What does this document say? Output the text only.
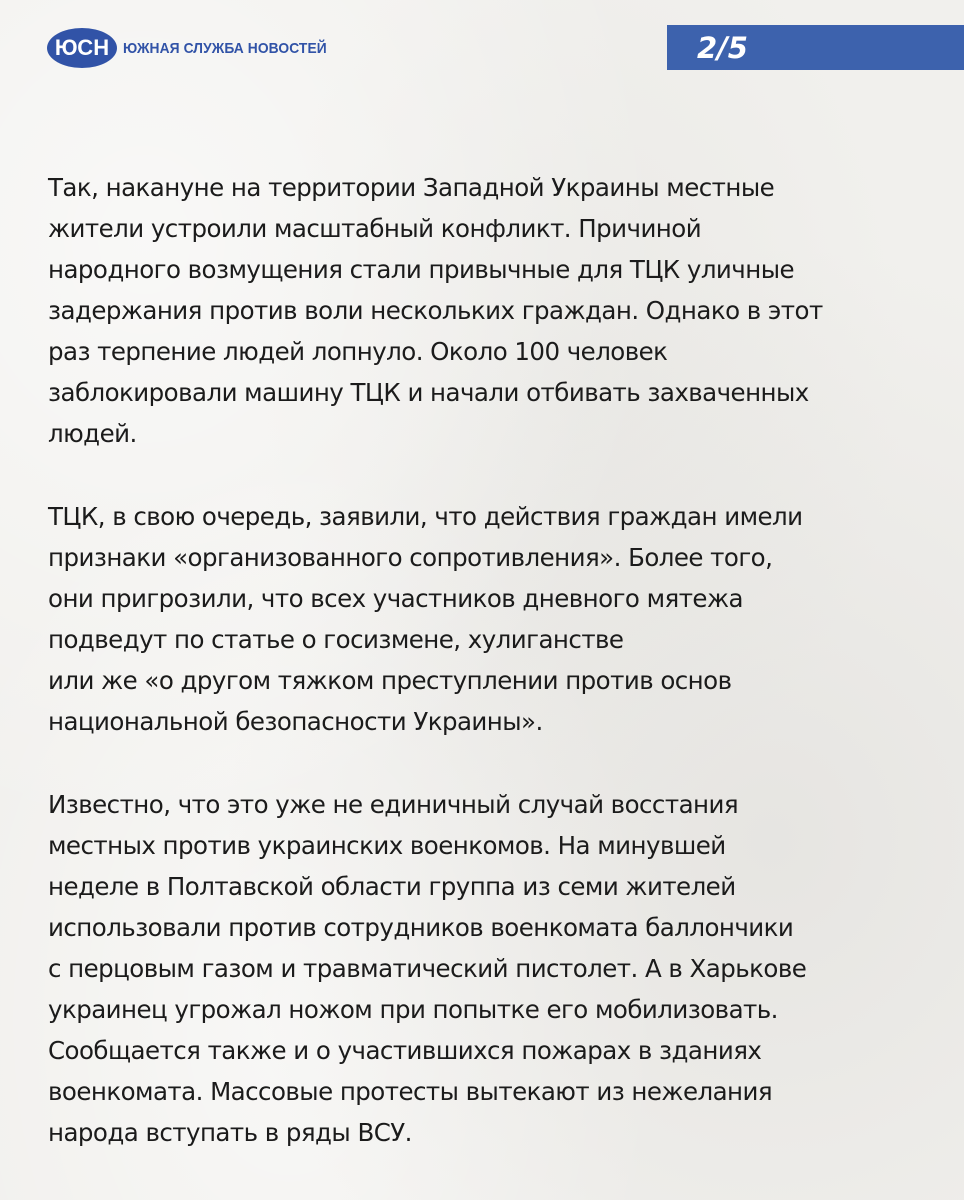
ЮСН ЮЖНАЯ СЛУЖБА НОВОСТЕЙ	2/5

Так, накануне на территории Западной Украины местные
жители устроили масштабный конфликт. Причиной
народного возмущения стали привычные для ТЦК уличные
задержания против воли нескольких граждан. Однако в этот
раз терпение людей лопнуло. Около 100 человек
заблокировали машину ТЦК и начали отбивать захваченных
людей.

ТЦК, в свою очередь, заявили, что действия граждан имели
признаки «организованного сопротивления». Более того,
они пригрозили, что всех участников дневного мятежа
подведут по статье о госизмене, хулиганстве
или же «о другом тяжком преступлении против основ
национальной безопасности Украины».

Известно, что это уже не единичный случай восстания
местных против украинских военкомов. На минувшей
неделе в Полтавской области группа из семи жителей
использовали против сотрудников военкомата баллончики
с перцовым газом и травматический пистолет. А в Харькове
украинец угрожал ножом при попытке его мобилизовать.
Сообщается также и о участившихся пожарах в зданиях
военкомата. Массовые протесты вытекают из нежелания
народа вступать в ряды ВСУ.
